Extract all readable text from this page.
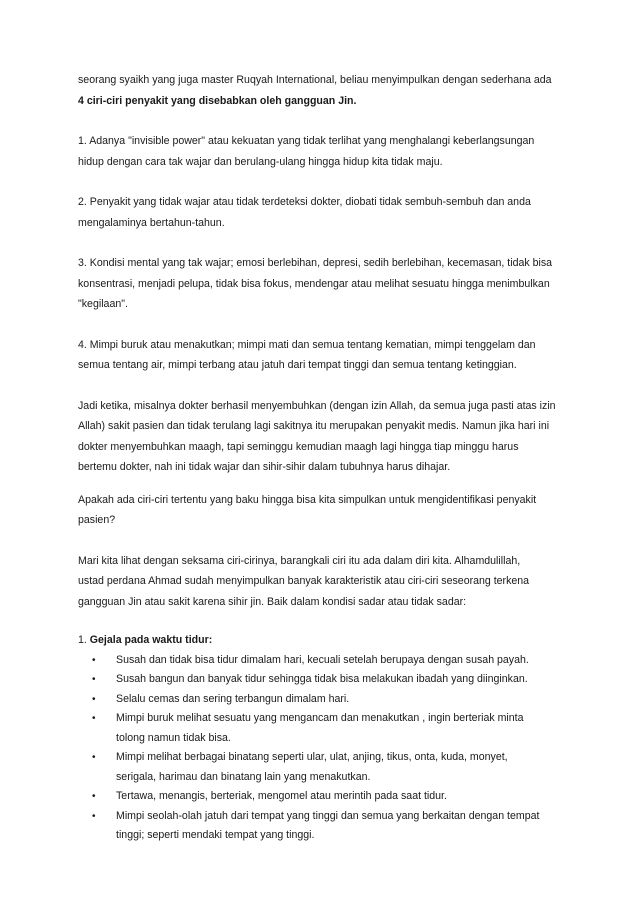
seorang syaikh yang juga master Ruqyah International, beliau menyimpulkan dengan sederhana ada
4 ciri-ciri penyakit yang disebabkan oleh gangguan Jin.

1. Adanya "invisible power" atau kekuatan yang tidak terlihat yang menghalangi keberlangsungan
hidup dengan cara tak wajar dan berulang-ulang hingga hidup kita tidak maju.

2. Penyakit yang tidak wajar atau tidak terdeteksi dokter, diobati tidak sembuh-sembuh dan anda
mengalaminya bertahun-tahun.

3. Kondisi mental yang tak wajar; emosi berlebihan, depresi, sedih berlebihan, kecemasan, tidak bisa
konsentrasi, menjadi pelupa, tidak bisa fokus, mendengar atau melihat sesuatu hingga menimbulkan
"kegilaan".

4. Mimpi buruk atau menakutkan; mimpi mati dan semua tentang kematian, mimpi tenggelam dan
semua tentang air, mimpi terbang atau jatuh dari tempat tinggi dan semua tentang ketinggian.

Jadi ketika, misalnya dokter berhasil menyembuhkan (dengan izin Allah, da semua juga pasti atas izin
Allah) sakit pasien dan tidak terulang lagi sakitnya itu merupakan penyakit medis. Namun jika hari ini
dokter menyembuhkan maagh, tapi seminggu kemudian maagh lagi hingga tiap minggu harus
bertemu dokter, nah ini tidak wajar dan sihir-sihir dalam tubuhnya harus dihajar.

Apakah ada ciri-ciri tertentu yang baku hingga bisa kita simpulkan untuk mengidentifikasi penyakit
pasien?

Mari kita lihat dengan seksama ciri-cirinya, barangkali ciri itu ada dalam diri kita. Alhamdulillah,
ustad perdana Ahmad sudah menyimpulkan banyak karakteristik atau ciri-ciri seseorang terkena
gangguan Jin atau sakit karena sihir jin. Baik dalam kondisi sadar atau tidak sadar:

1. Gejala pada waktu tidur:

• Susah dan tidak bisa tidur dimalam hari, kecuali setelah berupaya dengan susah payah.
• Susah bangun dan banyak tidur sehingga tidak bisa melakukan ibadah yang diinginkan.
• Selalu cemas dan sering terbangun dimalam hari.
• Mimpi buruk melihat sesuatu yang mengancam dan menakutkan , ingin berteriak minta
tolong namun tidak bisa.
• Mimpi melihat berbagai binatang seperti ular, ulat, anjing, tikus, onta, kuda, monyet,
serigala, harimau dan binatang lain yang menakutkan.
• Tertawa, menangis, berteriak, mengomel atau merintih pada saat tidur.
• Mimpi seolah-olah jatuh dari tempat yang tinggi dan semua yang berkaitan dengan tempat
tinggi; seperti mendaki tempat yang tinggi.
